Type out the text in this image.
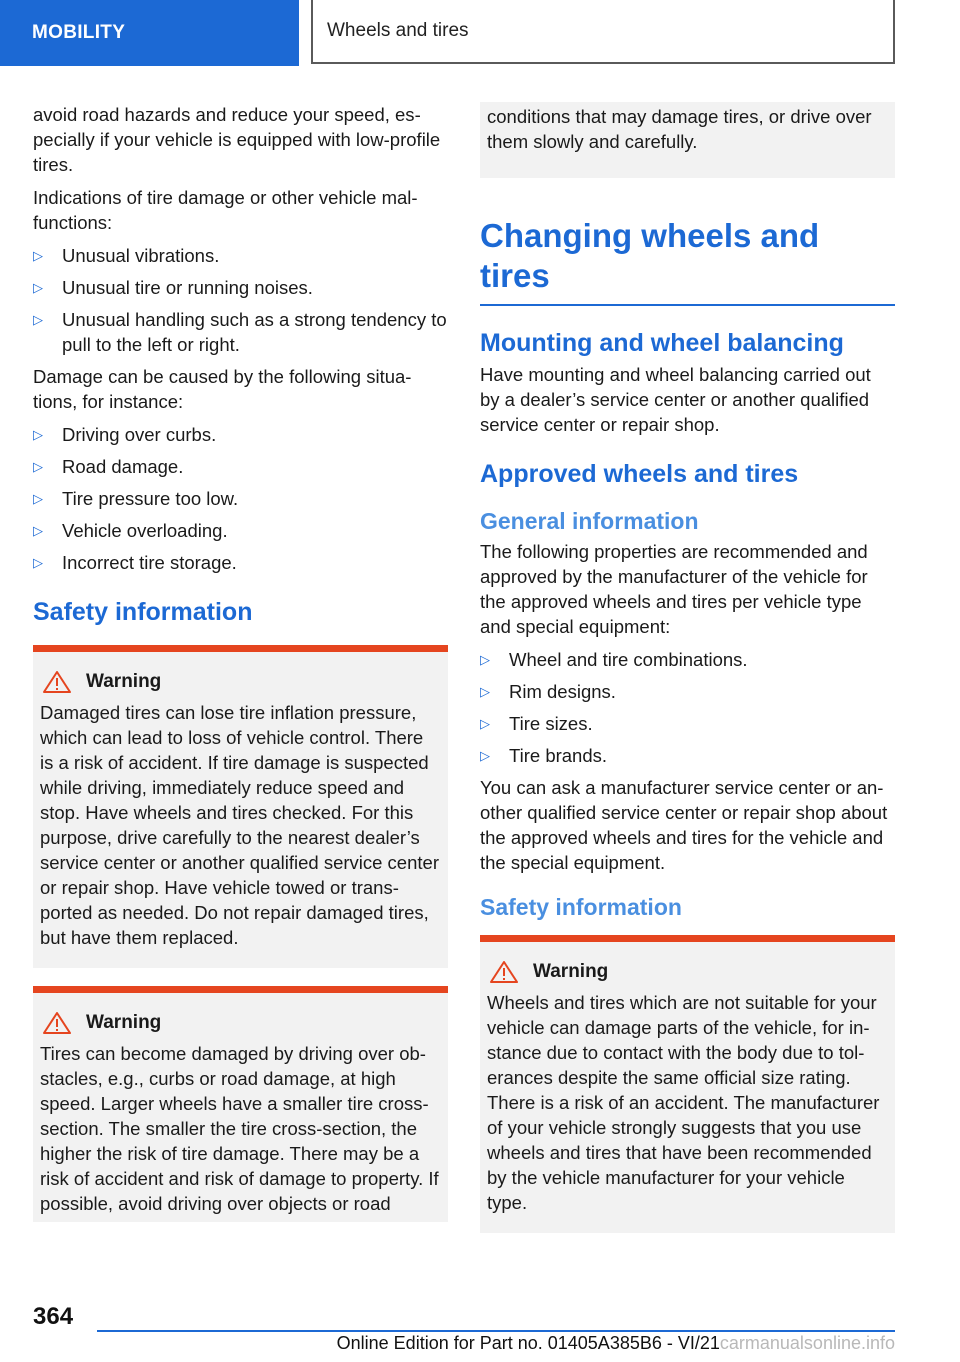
MOBILITY	Wheels and tires

avoid road hazards and reduce your speed, especially if your vehicle is equipped with low-profile tires.

Indications of tire damage or other vehicle malfunctions:

▷ Unusual vibrations.
▷ Unusual tire or running noises.
▷ Unusual handling such as a strong tendency to pull to the left or right.

Damage can be caused by the following situations, for instance:

▷ Driving over curbs.
▷ Road damage.
▷ Tire pressure too low.
▷ Vehicle overloading.
▷ Incorrect tire storage.
Safety information
Warning

Damaged tires can lose tire inflation pressure, which can lead to loss of vehicle control. There is a risk of accident. If tire damage is suspected while driving, immediately reduce speed and stop. Have wheels and tires checked. For this purpose, drive carefully to the nearest dealer’s service center or another qualified service center or repair shop. Have vehicle towed or transported as needed. Do not repair damaged tires, but have them replaced.

Warning

Tires can become damaged by driving over obstacles, e.g., curbs or road damage, at high speed. Larger wheels have a smaller tire cross-section. The smaller the tire cross-section, the higher the risk of tire damage. There may be a risk of accident and risk of damage to property. If possible, avoid driving over objects or road

conditions that may damage tires, or drive over them slowly and carefully.

Changing wheels and tires
Mounting and wheel balancing

Have mounting and wheel balancing carried out by a dealer’s service center or another qualified service center or repair shop.

Approved wheels and tires
General information

The following properties are recommended and approved by the manufacturer of the vehicle for the approved wheels and tires per vehicle type and special equipment:

▷ Wheel and tire combinations.
▷ Rim designs.
▷ Tire sizes.
▷ Tire brands.

You can ask a manufacturer service center or another qualified service center or repair shop about the approved wheels and tires for the vehicle and the special equipment.

Safety information
Warning

Wheels and tires which are not suitable for your vehicle can damage parts of the vehicle, for instance due to contact with the body due to tolerances despite the same official size rating. There is a risk of an accident. The manufacturer of your vehicle strongly suggests that you use wheels and tires that have been recommended by the vehicle manufacturer for your vehicle type.

364
Online Edition for Part no. 01405A385B6 - VI/21carmanualsonline.info
